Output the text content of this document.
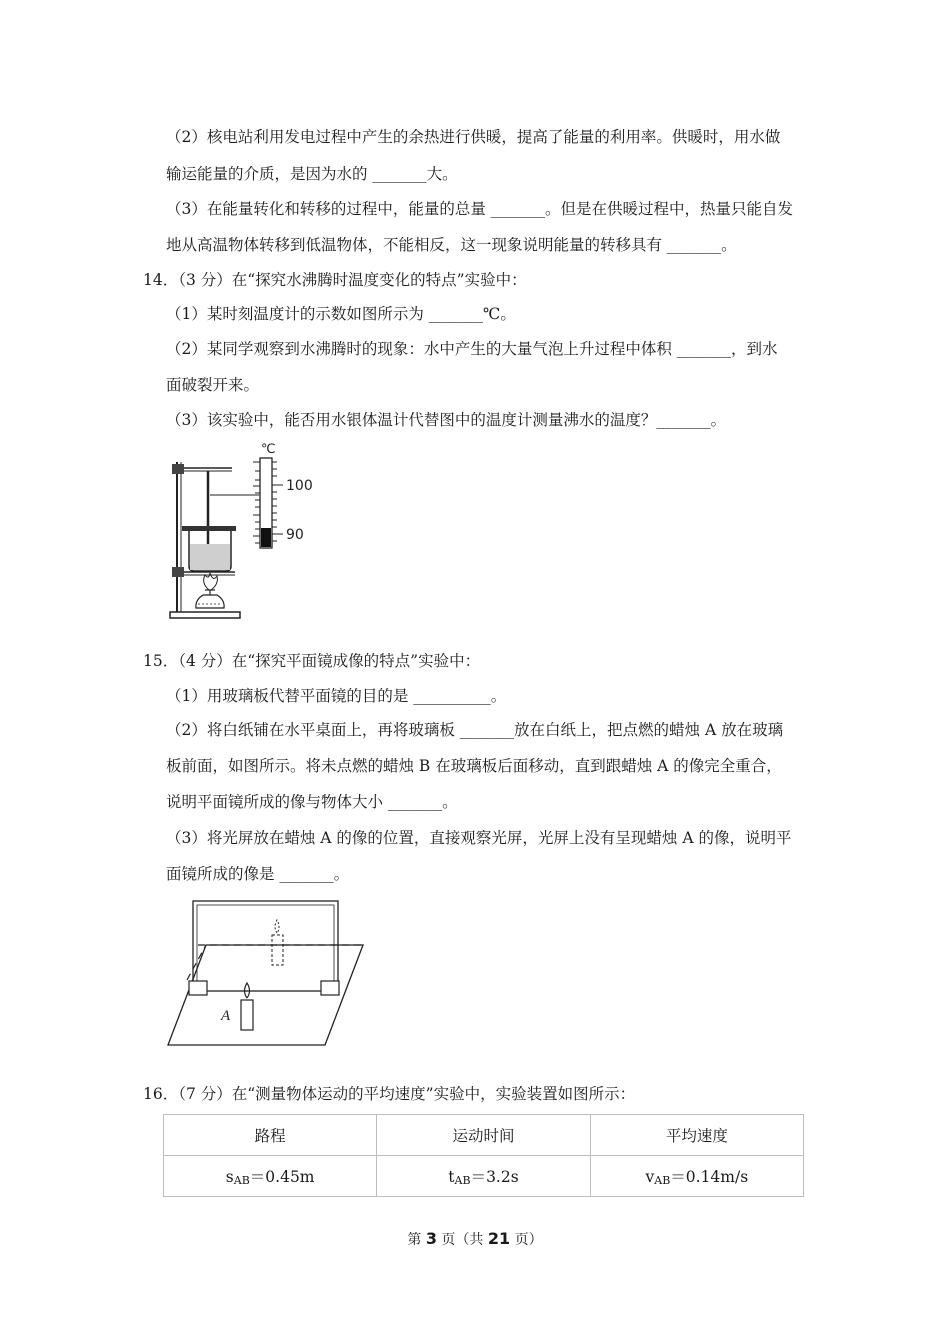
（2）核电站利用发电过程中产生的余热进行供暖，提高了能量的利用率。供暖时，用水做
输运能量的介质，是因为水的 _______大。
（3）在能量转化和转移的过程中，能量的总量 _______。但是在供暖过程中，热量只能自发
地从高温物体转移到低温物体，不能相反，这一现象说明能量的转移具有 _______。
14．（3 分）在“探究水沸腾时温度变化的特点”实验中：
（1）某时刻温度计的示数如图所示为 _______℃。
（2）某同学观察到水沸腾时的现象：水中产生的大量气泡上升过程中体积 _______，到水
面破裂开来。
（3）该实验中，能否用水银体温计代替图中的温度计测量沸水的温度？_______。
℃
100
90
15．（4 分）在“探究平面镜成像的特点”实验中：
（1）用玻璃板代替平面镜的目的是 __________。
（2）将白纸铺在水平桌面上，再将玻璃板 _______放在白纸上，把点燃的蜡烛 A 放在玻璃
板前面，如图所示。将未点燃的蜡烛 B 在玻璃板后面移动，直到跟蜡烛 A 的像完全重合，
说明平面镜所成的像与物体大小 _______。
（3）将光屏放在蜡烛 A 的像的位置，直接观察光屏，光屏上没有呈现蜡烛 A 的像，说明平
面镜所成的像是 _______。
A
16．（7 分）在“测量物体运动的平均速度”实验中，实验装置如图所示：
路程	运动时间	平均速度
sAB＝0.45m	tAB＝3.2s	vAB＝0.14m/s
第 3 页（共 21 页）
